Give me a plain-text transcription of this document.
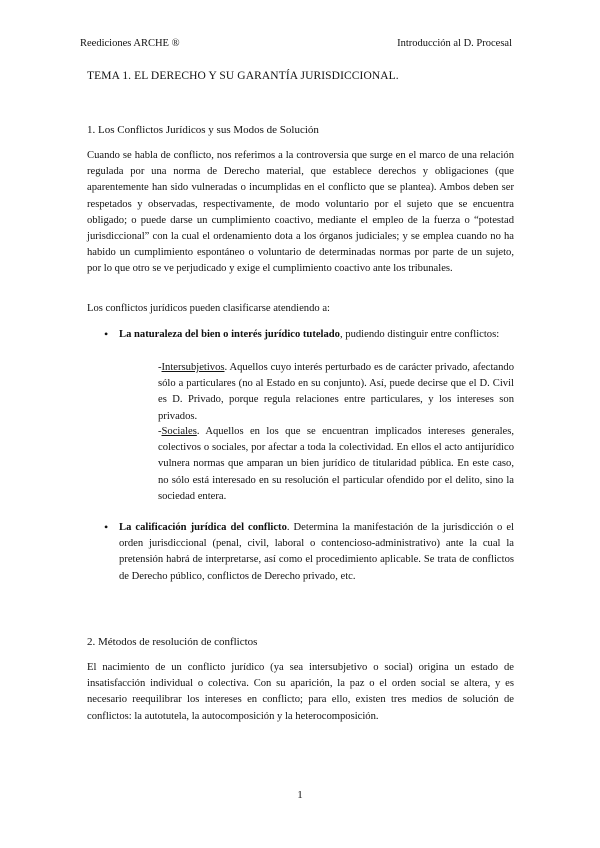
Reediciones ARCHE ®	Introducción al D. Procesal
TEMA 1. EL DERECHO Y SU GARANTÍA JURISDICCIONAL.
1. Los Conflictos Jurídicos y sus Modos de Solución

Cuando se habla de conflicto, nos referimos a la controversia que surge en el marco de una relación regulada por una norma de Derecho material, que establece derechos y obligaciones (que aparentemente han sido vulneradas o incumplidas en el conflicto que se plantea). Ambos deben ser respetados y observadas, respectivamente, de modo voluntario por el sujeto que se encuentra obligado; o puede darse un cumplimiento coactivo, mediante el empleo de la fuerza o “potestad jurisdiccional” con la cual el ordenamiento dota a los órganos judiciales; y se emplea cuando no ha habido un cumplimiento espontáneo o voluntario de determinadas normas por parte de un sujeto, por lo que otro se ve perjudicado y exige el cumplimiento coactivo ante los tribunales.

Los conflictos jurídicos pueden clasificarse atendiendo a:

• La naturaleza del bien o interés jurídico tutelado, pudiendo distinguir entre conflictos:

-Intersubjetivos. Aquellos cuyo interés perturbado es de carácter privado, afectando sólo a particulares (no al Estado en su conjunto). Así, puede decirse que el D. Civil es D. Privado, porque regula relaciones entre particulares, y los intereses son privados.

-Sociales. Aquellos en los que se encuentran implicados intereses generales, colectivos o sociales, por afectar a toda la colectividad. En ellos el acto antijurídico vulnera normas que amparan un bien jurídico de titularidad pública. En este caso, no sólo está interesado en su resolución el particular ofendido por el delito, sino la sociedad entera.

• La calificación jurídica del conflicto. Determina la manifestación de la jurisdicción o el orden jurisdiccional (penal, civil, laboral o contencioso-administrativo) ante la cual la pretensión habrá de interpretarse, así como el procedimiento aplicable. Se trata de conflictos de Derecho público, conflictos de Derecho privado, etc.

2. Métodos de resolución de conflictos

El nacimiento de un conflicto jurídico (ya sea intersubjetivo o social) origina un estado de insatisfacción individual o colectiva. Con su aparición, la paz o el orden social se altera, y es necesario reequilibrar los intereses en conflicto; para ello, existen tres medios de solución de conflictos: la autotutela, la autocomposición y la heterocomposición.

1
